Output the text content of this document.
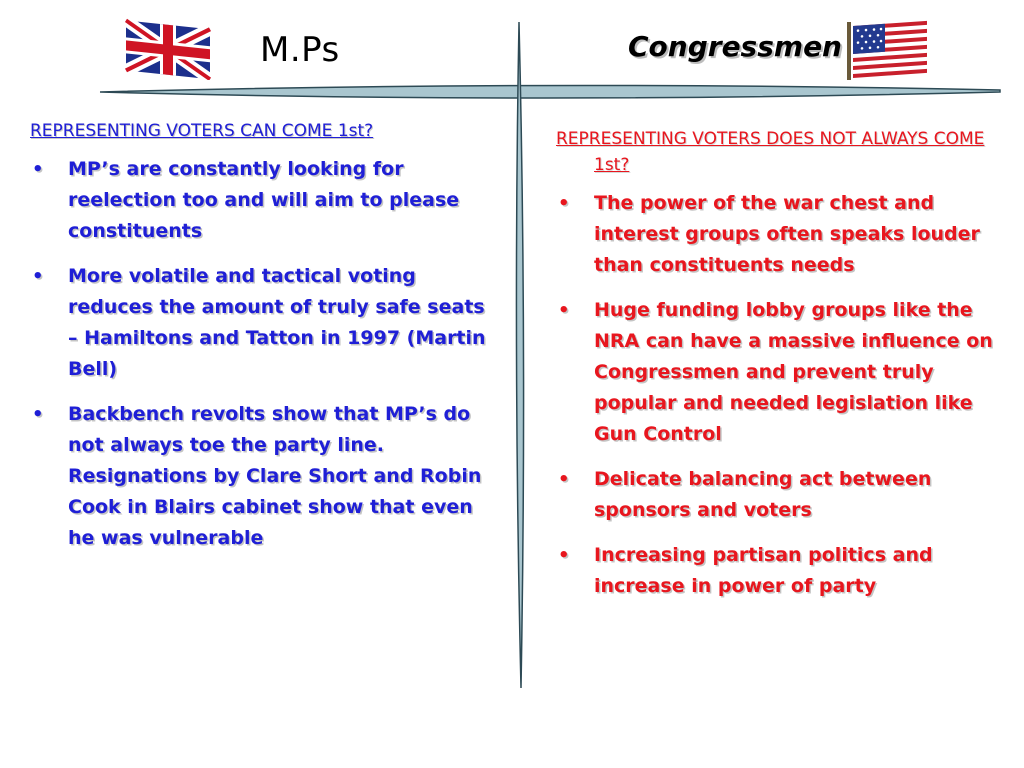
M.Ps	Congressmen

REPRESENTING VOTERS CAN COME 1st?

• MP’s are constantly looking for reelection too and will aim to please constituents
• More volatile and tactical voting reduces the amount of truly safe seats – Hamiltons and Tatton in 1997 (Martin Bell)
• Backbench revolts show that MP’s do not always toe the party line. Resignations by Clare Short and Robin Cook in Blairs cabinet show that even he was vulnerable

REPRESENTING VOTERS DOES NOT ALWAYS COME 1st?

• The power of the war chest and interest groups often speaks louder than constituents needs
• Huge funding lobby groups like the NRA can have a massive influence on Congressmen and prevent truly popular and needed legislation like Gun Control
• Delicate balancing act between sponsors and voters
• Increasing partisan politics and increase in power of party
